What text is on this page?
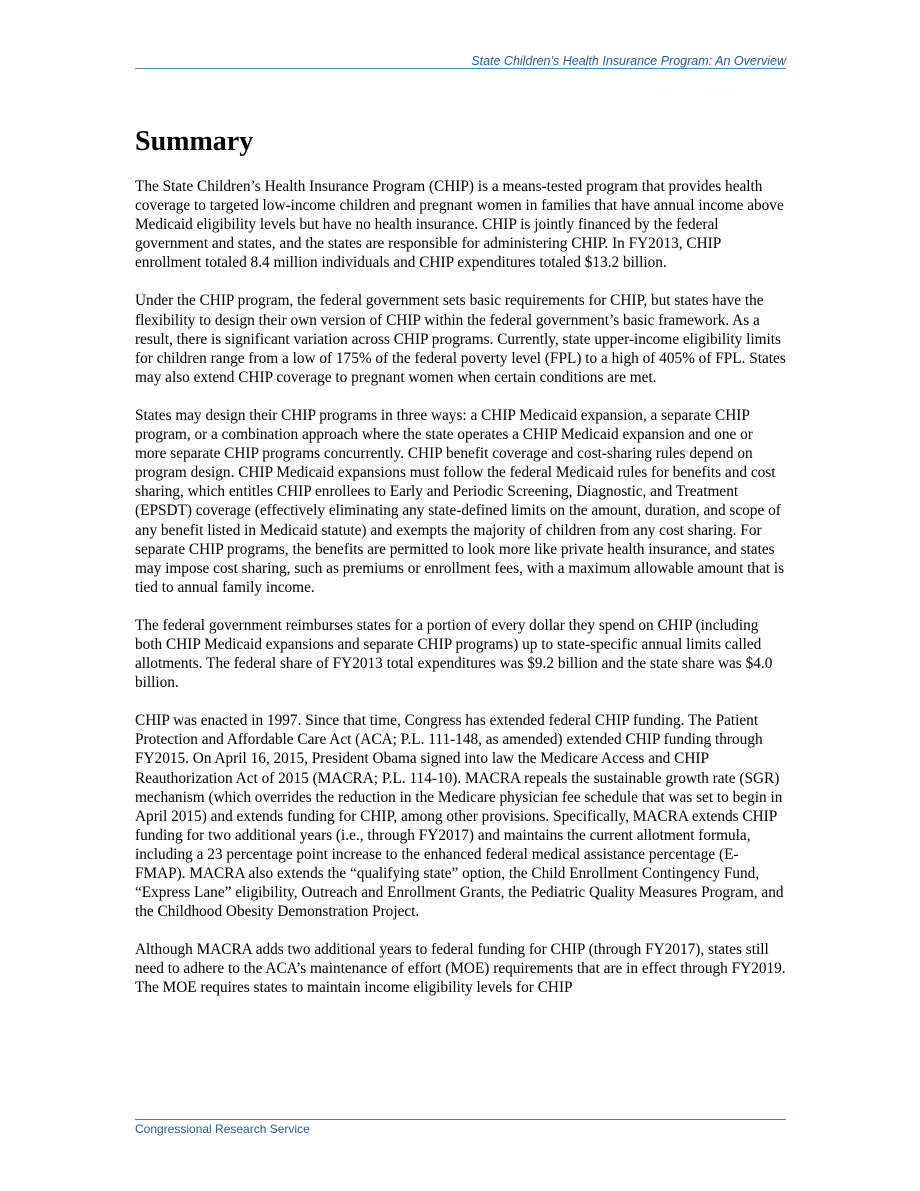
State Children’s Health Insurance Program: An Overview
Summary

The State Children’s Health Insurance Program (CHIP) is a means-tested program that provides health coverage to targeted low-income children and pregnant women in families that have annual income above Medicaid eligibility levels but have no health insurance. CHIP is jointly financed by the federal government and states, and the states are responsible for administering CHIP. In FY2013, CHIP enrollment totaled 8.4 million individuals and CHIP expenditures totaled $13.2 billion.

Under the CHIP program, the federal government sets basic requirements for CHIP, but states have the flexibility to design their own version of CHIP within the federal government’s basic framework. As a result, there is significant variation across CHIP programs. Currently, state upper-income eligibility limits for children range from a low of 175% of the federal poverty level (FPL) to a high of 405% of FPL. States may also extend CHIP coverage to pregnant women when certain conditions are met.

States may design their CHIP programs in three ways: a CHIP Medicaid expansion, a separate CHIP program, or a combination approach where the state operates a CHIP Medicaid expansion and one or more separate CHIP programs concurrently. CHIP benefit coverage and cost-sharing rules depend on program design. CHIP Medicaid expansions must follow the federal Medicaid rules for benefits and cost sharing, which entitles CHIP enrollees to Early and Periodic Screening, Diagnostic, and Treatment (EPSDT) coverage (effectively eliminating any state-defined limits on the amount, duration, and scope of any benefit listed in Medicaid statute) and exempts the majority of children from any cost sharing. For separate CHIP programs, the benefits are permitted to look more like private health insurance, and states may impose cost sharing, such as premiums or enrollment fees, with a maximum allowable amount that is tied to annual family income.

The federal government reimburses states for a portion of every dollar they spend on CHIP (including both CHIP Medicaid expansions and separate CHIP programs) up to state-specific annual limits called allotments. The federal share of FY2013 total expenditures was $9.2 billion and the state share was $4.0 billion.

CHIP was enacted in 1997. Since that time, Congress has extended federal CHIP funding. The Patient Protection and Affordable Care Act (ACA; P.L. 111-148, as amended) extended CHIP funding through FY2015. On April 16, 2015, President Obama signed into law the Medicare Access and CHIP Reauthorization Act of 2015 (MACRA; P.L. 114-10). MACRA repeals the sustainable growth rate (SGR) mechanism (which overrides the reduction in the Medicare physician fee schedule that was set to begin in April 2015) and extends funding for CHIP, among other provisions. Specifically, MACRA extends CHIP funding for two additional years (i.e., through FY2017) and maintains the current allotment formula, including a 23 percentage point increase to the enhanced federal medical assistance percentage (E-FMAP). MACRA also extends the “qualifying state” option, the Child Enrollment Contingency Fund, “Express Lane” eligibility, Outreach and Enrollment Grants, the Pediatric Quality Measures Program, and the Childhood Obesity Demonstration Project.

Although MACRA adds two additional years to federal funding for CHIP (through FY2017), states still need to adhere to the ACA’s maintenance of effort (MOE) requirements that are in effect through FY2019. The MOE requires states to maintain income eligibility levels for CHIP

Congressional Research Service
